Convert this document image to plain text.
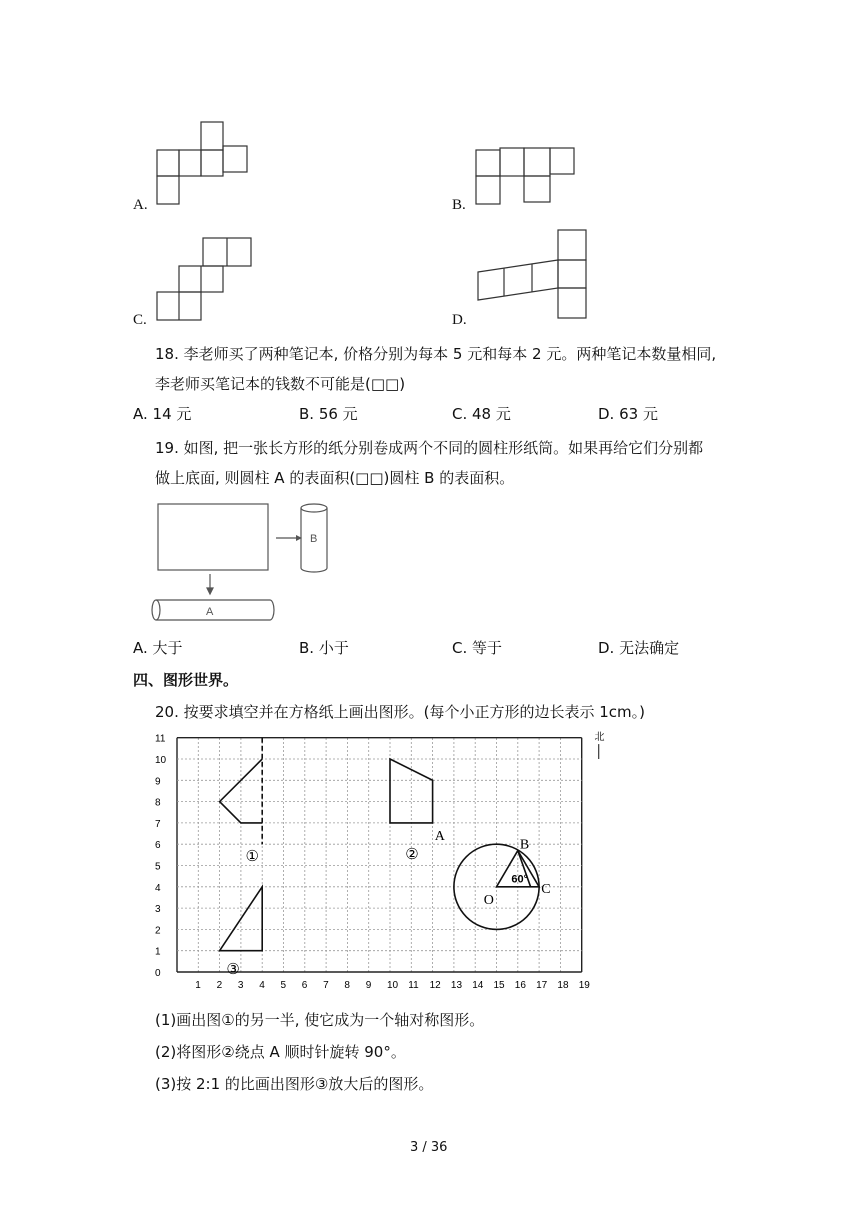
A.	B.
C.	D.
18. 李老师买了两种笔记本, 价格分别为每本 5 元和每本 2 元。两种笔记本数量相同,
李老师买笔记本的钱数不可能是(□□)
A. 14 元	B. 56 元	C. 48 元	D. 63 元
19. 如图, 把一张长方形的纸分别卷成两个不同的圆柱形纸筒。如果再给它们分别都
做上底面, 则圆柱 A 的表面积(□□)圆柱 B 的表面积。
B
A
A. 大于	B. 小于	C. 等于	D. 无法确定
四、图形世界。
20. 按要求填空并在方格纸上画出图形。(每个小正方形的边长表示 1cm。)
1 2 3 4 5 6 7 8 9 10 11 12 13 14 15 16 17 18 19
0
1
2
3
4
5
6
7
8
9
10
11	北
①	②
③
A
B
C
O
60°
(1)画出图①的另一半, 使它成为一个轴对称图形。
(2)将图形②绕点 A 顺时针旋转 90°。
(3)按 2:1 的比画出图形③放大后的图形。
3 / 36
